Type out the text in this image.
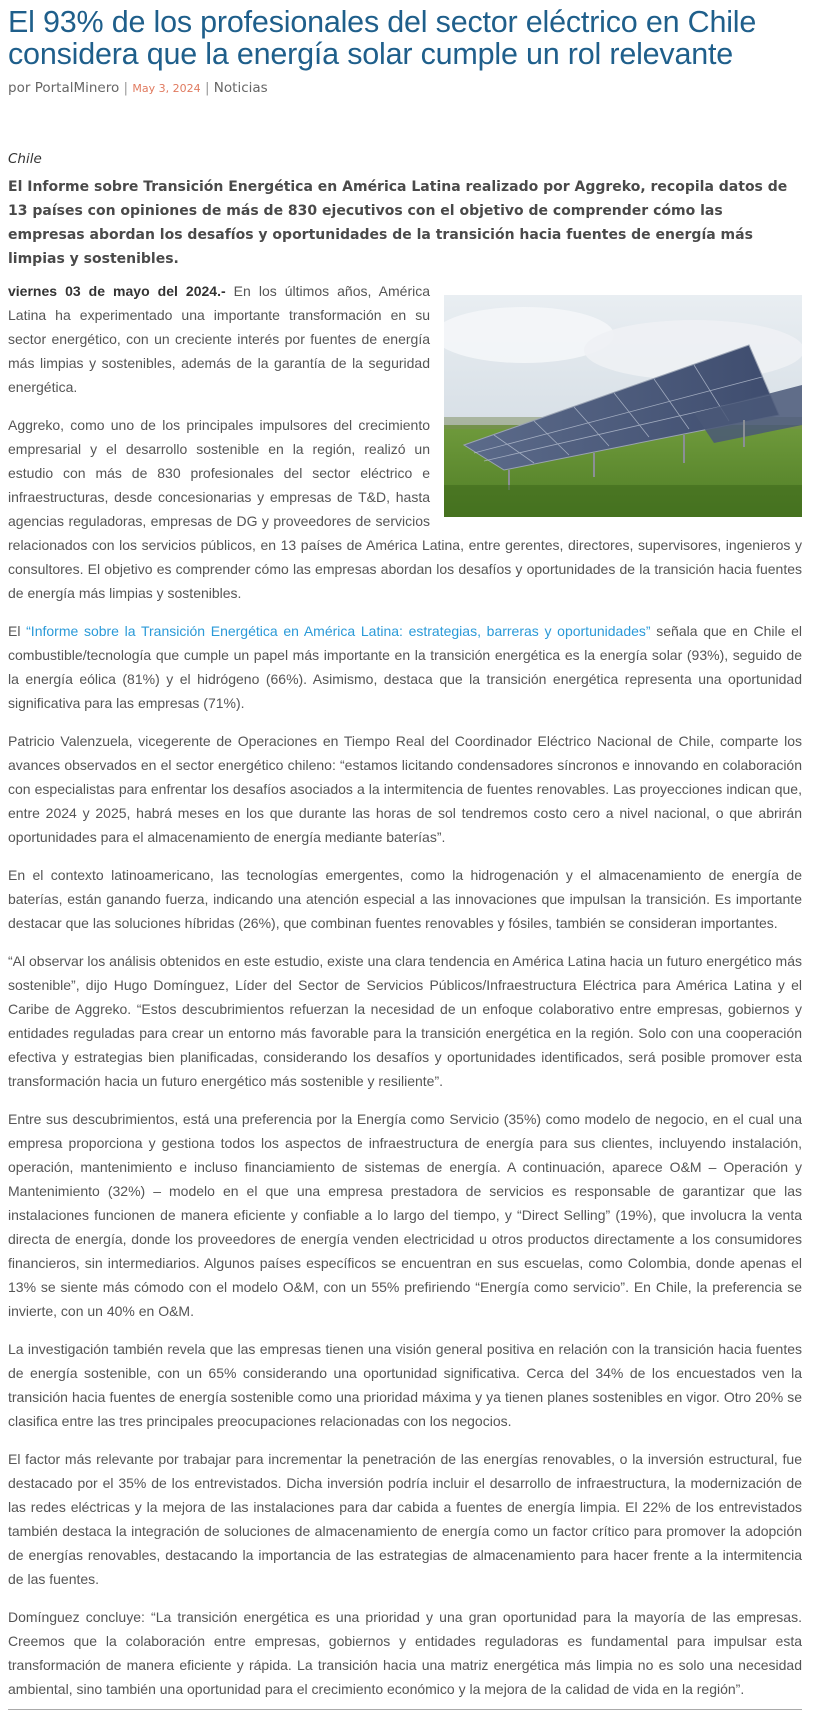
El 93% de los profesionales del sector eléctrico en Chile considera que la energía solar cumple un rol relevante
por PortalMinero | May 3, 2024 | Noticias
Chile
El Informe sobre Transición Energética en América Latina realizado por Aggreko, recopila datos de 13 países con opiniones de más de 830 ejecutivos con el objetivo de comprender cómo las empresas abordan los desafíos y oportunidades de la transición hacia fuentes de energía más limpias y sostenibles.

viernes 03 de mayo del 2024.- En los últimos años, América Latina ha experimentado una importante transformación en su sector energético, con un creciente interés por fuentes de energía más limpias y sostenibles, además de la garantía de la seguridad energética.

Aggreko, como uno de los principales impulsores del crecimiento empresarial y el desarrollo sostenible en la región, realizó un estudio con más de 830 profesionales del sector eléctrico e infraestructuras, desde concesionarias y empresas de T&D, hasta agencias reguladoras, empresas de DG y proveedores de servicios relacionados con los servicios públicos, en 13 países de América Latina, entre gerentes, directores, supervisores, ingenieros y consultores. El objetivo es comprender cómo las empresas abordan los desafíos y oportunidades de la transición hacia fuentes de energía más limpias y sostenibles.

El “Informe sobre la Transición Energética en América Latina: estrategias, barreras y oportunidades” señala que en Chile el combustible/tecnología que cumple un papel más importante en la transición energética es la energía solar (93%), seguido de la energía eólica (81%) y el hidrógeno (66%). Asimismo, destaca que la transición energética representa una oportunidad significativa para las empresas (71%).

Patricio Valenzuela, vicegerente de Operaciones en Tiempo Real del Coordinador Eléctrico Nacional de Chile, comparte los avances observados en el sector energético chileno: “estamos licitando condensadores síncronos e innovando en colaboración con especialistas para enfrentar los desafíos asociados a la intermitencia de fuentes renovables. Las proyecciones indican que, entre 2024 y 2025, habrá meses en los que durante las horas de sol tendremos costo cero a nivel nacional, o que abrirán oportunidades para el almacenamiento de energía mediante baterías”.

En el contexto latinoamericano, las tecnologías emergentes, como la hidrogenación y el almacenamiento de energía de baterías, están ganando fuerza, indicando una atención especial a las innovaciones que impulsan la transición. Es importante destacar que las soluciones híbridas (26%), que combinan fuentes renovables y fósiles, también se consideran importantes.

“Al observar los análisis obtenidos en este estudio, existe una clara tendencia en América Latina hacia un futuro energético más sostenible”, dijo Hugo Domínguez, Líder del Sector de Servicios Públicos/Infraestructura Eléctrica para América Latina y el Caribe de Aggreko. “Estos descubrimientos refuerzan la necesidad de un enfoque colaborativo entre empresas, gobiernos y entidades reguladas para crear un entorno más favorable para la transición energética en la región. Solo con una cooperación efectiva y estrategias bien planificadas, considerando los desafíos y oportunidades identificados, será posible promover esta transformación hacia un futuro energético más sostenible y resiliente”.

Entre sus descubrimientos, está una preferencia por la Energía como Servicio (35%) como modelo de negocio, en el cual una empresa proporciona y gestiona todos los aspectos de infraestructura de energía para sus clientes, incluyendo instalación, operación, mantenimiento e incluso financiamiento de sistemas de energía. A continuación, aparece O&M – Operación y Mantenimiento (32%) – modelo en el que una empresa prestadora de servicios es responsable de garantizar que las instalaciones funcionen de manera eficiente y confiable a lo largo del tiempo, y “Direct Selling” (19%), que involucra la venta directa de energía, donde los proveedores de energía venden electricidad u otros productos directamente a los consumidores financieros, sin intermediarios. Algunos países específicos se encuentran en sus escuelas, como Colombia, donde apenas el 13% se siente más cómodo con el modelo O&M, con un 55% prefiriendo “Energía como servicio”. En Chile, la preferencia se invierte, con un 40% en O&M.

La investigación también revela que las empresas tienen una visión general positiva en relación con la transición hacia fuentes de energía sostenible, con un 65% considerando una oportunidad significativa. Cerca del 34% de los encuestados ven la transición hacia fuentes de energía sostenible como una prioridad máxima y ya tienen planes sostenibles en vigor. Otro 20% se clasifica entre las tres principales preocupaciones relacionadas con los negocios.

El factor más relevante por trabajar para incrementar la penetración de las energías renovables, o la inversión estructural, fue destacado por el 35% de los entrevistados. Dicha inversión podría incluir el desarrollo de infraestructura, la modernización de las redes eléctricas y la mejora de las instalaciones para dar cabida a fuentes de energía limpia. El 22% de los entrevistados también destaca la integración de soluciones de almacenamiento de energía como un factor crítico para promover la adopción de energías renovables, destacando la importancia de las estrategias de almacenamiento para hacer frente a la intermitencia de las fuentes.

Domínguez concluye: “La transición energética es una prioridad y una gran oportunidad para la mayoría de las empresas. Creemos que la colaboración entre empresas, gobiernos y entidades reguladoras es fundamental para impulsar esta transformación de manera eficiente y rápida. La transición hacia una matriz energética más limpia no es solo una necesidad ambiental, sino también una oportunidad para el crecimiento económico y la mejora de la calidad de vida en la región”.
